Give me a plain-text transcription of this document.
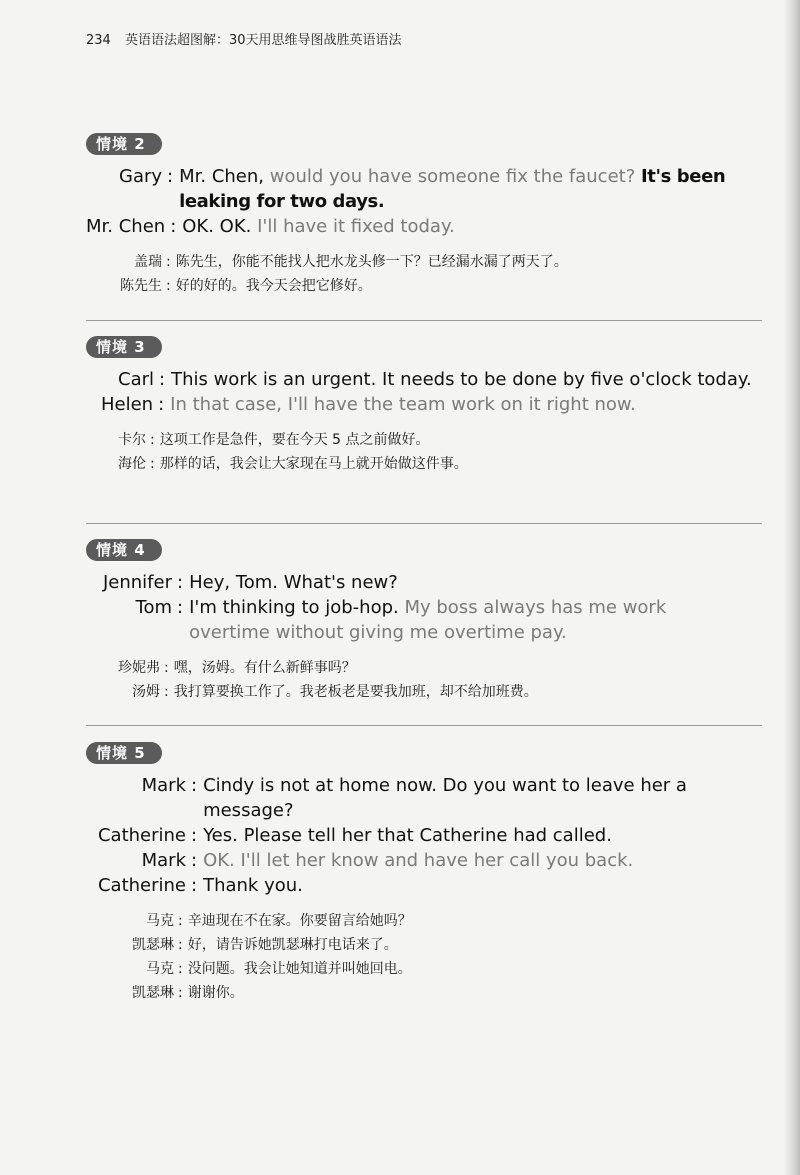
234 英语语法超图解：30天用思维导图战胜英语语法
情境 2
Gary : Mr. Chen, would you have someone fix the faucet? It's been leaking for two days.
Mr. Chen : OK. OK. I'll have it fixed today.
盖瑞 : 陈先生，你能不能找人把水龙头修一下？已经漏水漏了两天了。
陈先生 : 好的好的。我今天会把它修好。
情境 3
Carl : This work is an urgent. It needs to be done by five o'clock today.
Helen : In that case, I'll have the team work on it right now.
卡尔 : 这项工作是急件，要在今天 5 点之前做好。
海伦 : 那样的话，我会让大家现在马上就开始做这件事。
情境 4
Jennifer : Hey, Tom. What's new?
Tom : I'm thinking to job-hop. My boss always has me work overtime without giving me overtime pay.
珍妮弗 : 嘿，汤姆。有什么新鲜事吗？
汤姆 : 我打算要换工作了。我老板老是要我加班，却不给加班费。
情境 5
Mark : Cindy is not at home now. Do you want to leave her a message?
Catherine : Yes. Please tell her that Catherine had called.
Mark : OK. I'll let her know and have her call you back.
Catherine : Thank you.
马克 : 辛迪现在不在家。你要留言给她吗？
凯瑟琳 : 好，请告诉她凯瑟琳打电话来了。
马克 : 没问题。我会让她知道并叫她回电。
凯瑟琳 : 谢谢你。
